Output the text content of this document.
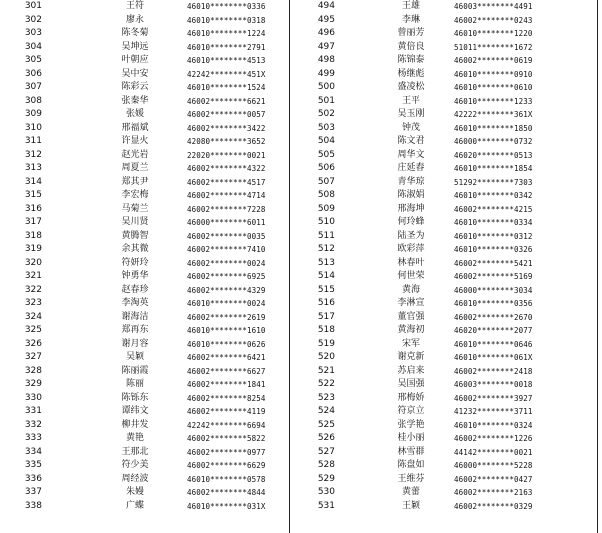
301	王符	46010********0336
302	廖永	46010********0318
303	陈冬菊	46010********1224
304	吴坤远	46010********2791
305	叶朝应	46010********4513
306	吴中安	42242********451X
307	陈彩云	46010********1524
308	张秦华	46002********6621
309	张媛	46002********0057
310	邢福斌	46002********3422
311	许显火	42080********3652
312	赵光岩	22020********0021
313	周夏兰	46002********4322
314	郑其尹	46002********4517
315	李宏梅	46002********4714
316	马菊兰	46002********7228
317	吴川贤	46000********6011
318	黄腾智	46002********0035
319	余其微	46002********7410
320	符妍玲	46002********0024
321	钟勇华	46002********6925
322	赵春珍	46002********4329
323	李淘英	46010********0024
324	谢海洁	46002********2619
325	郑再东	46010********1610
326	谢月容	46010********0626
327	吴颖	46002********6421
328	陈丽霞	46002********6627
329	陈丽	46002********1841
330	陈铄东	46002********8254
331	谭纬文	46002********4119
332	柳井发	42242********6694
333	黄艳	46002********5822
334	王那北	46002********0977
335	符少美	46002********6629
336	周经波	46010********0578
337	朱嫚	46002********4844
338	广蝶	46010********031X
494	王雄	46003********4491
495	李琳	46002********0243
496	曾丽芳	46010********1220
497	黄倍良	51011********1672
498	陈锦泰	46002********0619
499	杨继彪	46010********0910
500	盛凌松	46010********0610
501	王平	46010********1233
502	吴玉刚	42222********361X
503	钟茂	46010********1850
504	陈文君	46000********0732
505	周华文	46020********0513
506	庄延舂	46010********1854
507	青华琼	51292********7303
508	陈淑娟	46010********0342
509	邢海坤	46002********4215
510	何玲蜂	46010********0334
511	陆圣为	46010********0312
512	欧彩萍	46010********0326
513	林春叶	46002********5421
514	何世荣	46002********5169
515	黄海	46000********3034
516	李淋宣	46010********0356
517	董官强	46002********2670
518	黄海初	46020********2077
519	宋军	46010********0646
520	谢克新	46010********061X
521	苏启来	46002********2418
522	吴国强	46003********0018
523	邢梅娇	46002********3927
524	符京立	41232********3711
525	张学艳	46010********0324
526	桂小丽	46002********1226
527	林雪群	44142********0021
528	陈盘如	46000********5228
529	王维芬	46002********0427
530	黄蕾	46002********2163
531	王颖	46002********0329
